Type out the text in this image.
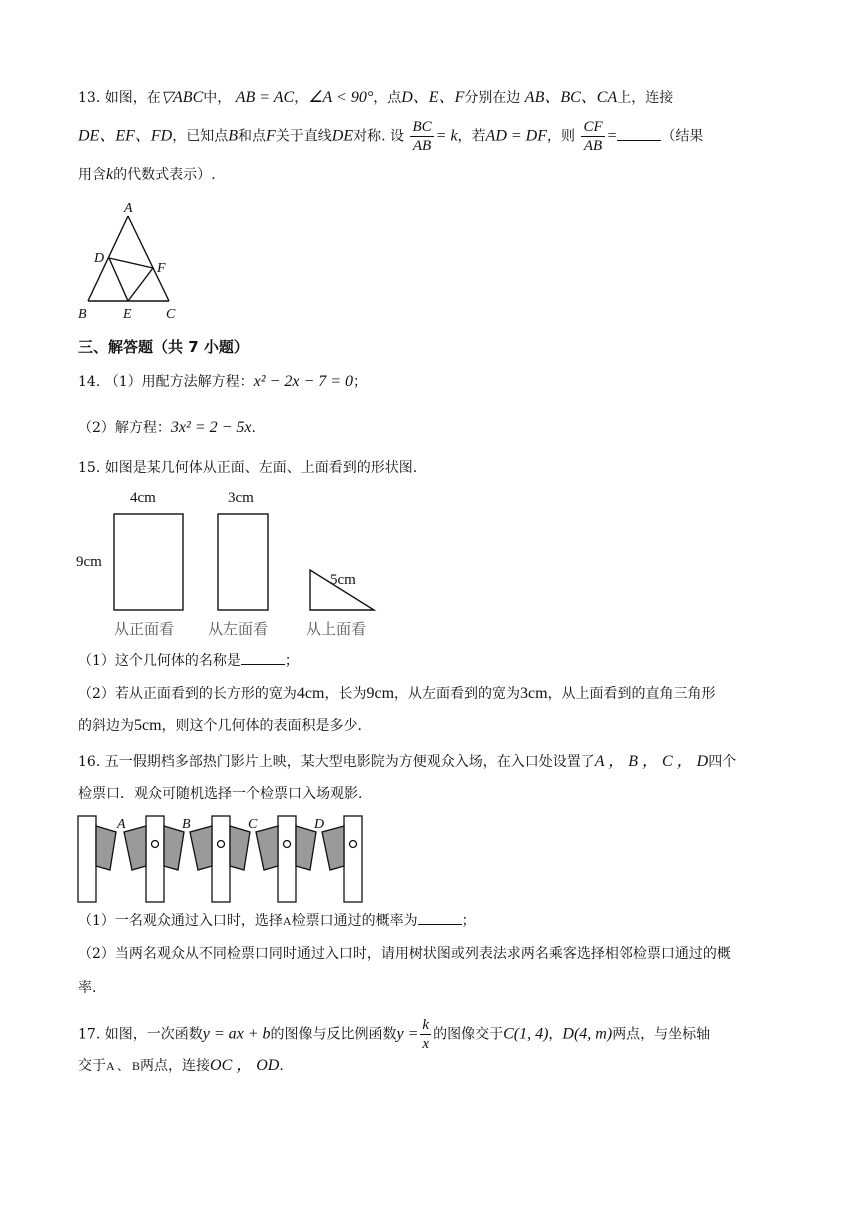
13. 如图，在▽ABC中， AB = AC，∠A < 90°，点D、E、F分别在边 AB、BC、CA上，连接
DE、EF、FD，已知点B和点F关于直线DE对称. 设 $\frac{BC}{AB} = k$，若AD = DF，则 $\frac{CF}{AB}$ =	（结果
用含k的代数式表示）.
A
D
F
B	E C
三、解答题（共 7 小题）
14. （1）用配方法解方程：x² − 2x − 7 = 0；
（2）解方程：3x² = 2 − 5x.
15. 如图是某几何体从正面、左面、上面看到的形状图.
4cm	3cm
9cm
5cm
从正面看 从左面看	从上面看
（1）这个几何体的名称是	；
（2）若从正面看到的长方形的宽为4cm，长为9cm，从左面看到的宽为3cm，从上面看到的直角三角形
的斜边为5cm，则这个几何体的表面积是多少.
16. 五一假期档多部热门影片上映，某大型电影院为方便观众入场，在入口处设置了A ， B ， C ， D四个
检票口．观众可随机选择一个检票口入场观影.
A	B	C	D
（1）一名观众通过入口时，选择A检票口通过的概率为	；
（2）当两名观众从不同检票口同时通过入口时，请用树状图或列表法求两名乘客选择相邻检票口通过的概
率.
17. 如图，一次函数y = ax + b的图像与反比例函数$y = \frac{k}{x}$ 的图像交于C(1, 4)，D(4, m)两点，与坐标轴
交于A 、 B两点，连接OC ， OD.
